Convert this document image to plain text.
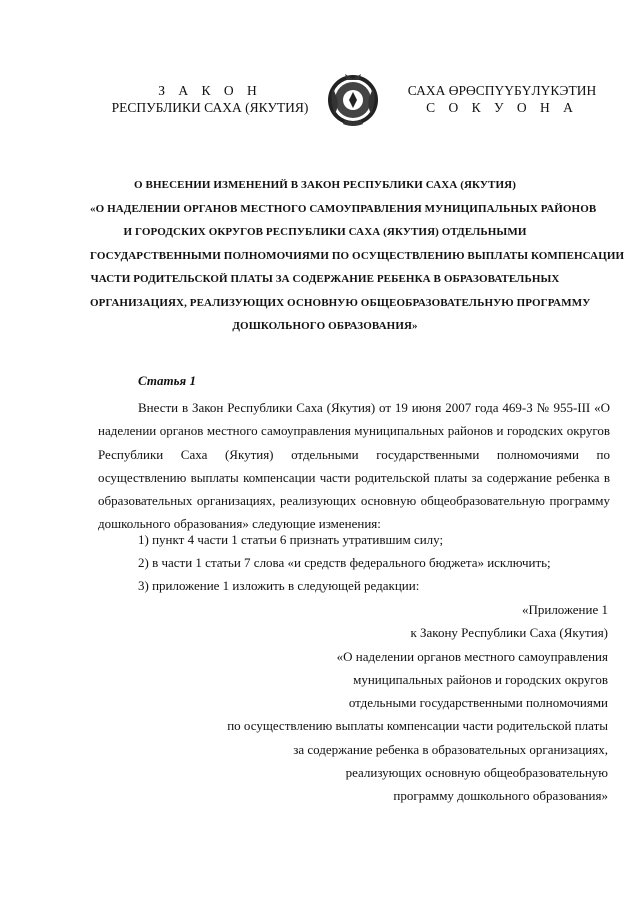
З А К О Н
РЕСПУБЛИКИ САХА (ЯКУТИЯ)
САХА ӨРӨСПҮҮБҮЛҮКЭТИН
С О К У О Н А
О ВНЕСЕНИИ ИЗМЕНЕНИЙ В ЗАКОН РЕСПУБЛИКИ САХА (ЯКУТИЯ)
«О НАДЕЛЕНИИ ОРГАНОВ МЕСТНОГО САМОУПРАВЛЕНИЯ МУНИЦИПАЛЬНЫХ РАЙОНОВ
И ГОРОДСКИХ ОКРУГОВ РЕСПУБЛИКИ САХА (ЯКУТИЯ) ОТДЕЛЬНЫМИ
ГОСУДАРСТВЕННЫМИ ПОЛНОМОЧИЯМИ ПО ОСУЩЕСТВЛЕНИЮ ВЫПЛАТЫ КОМПЕНСАЦИИ
ЧАСТИ РОДИТЕЛЬСКОЙ ПЛАТЫ ЗА СОДЕРЖАНИЕ РЕБЕНКА В ОБРАЗОВАТЕЛЬНЫХ
ОРГАНИЗАЦИЯХ, РЕАЛИЗУЮЩИХ ОСНОВНУЮ ОБЩЕОБРАЗОВАТЕЛЬНУЮ ПРОГРАММУ
ДОШКОЛЬНОГО ОБРАЗОВАНИЯ»
Статья 1

Внести в Закон Республики Саха (Якутия) от 19 июня 2007 года 469-З № 955-III «О наделении органов местного самоуправления муниципальных районов и городских округов Республики Саха (Якутия) отдельными государственными полномочиями по осуществлению выплаты компенсации части родительской платы за содержание ребенка в образовательных организациях, реализующих основную общеобразовательную программу дошкольного образования» следующие изменения:

1) пункт 4 части 1 статьи 6 признать утратившим силу;
2) в части 1 статьи 7 слова «и средств федерального бюджета» исключить;
3) приложение 1 изложить в следующей редакции:
«Приложение 1
к Закону Республики Саха (Якутия)
«О наделении органов местного самоуправления
муниципальных районов и городских округов
отдельными государственными полномочиями
по осуществлению выплаты компенсации части родительской платы
за содержание ребенка в образовательных организациях,
реализующих основную общеобразовательную
программу дошкольного образования»
